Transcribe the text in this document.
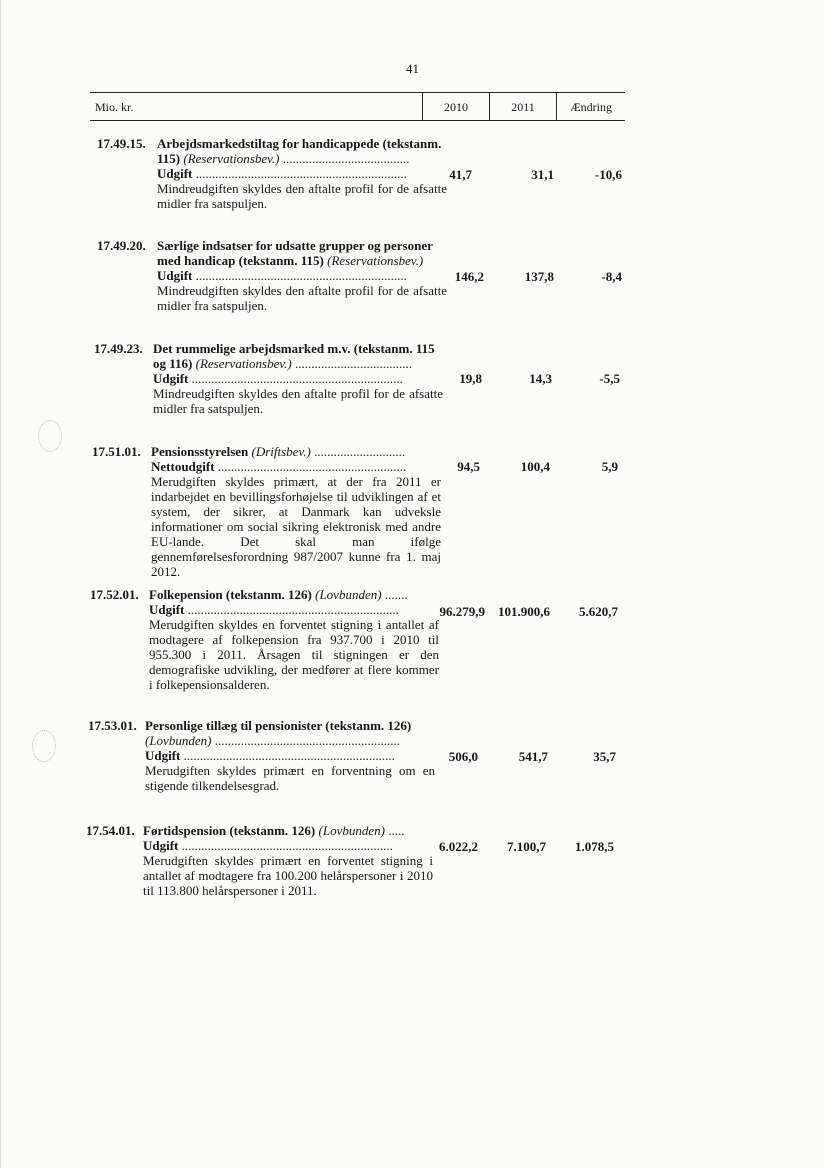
41
Mio. kr.	2010	2011	Ændring
17.49.15. Arbejdsmarkedstiltag for handicappede (tekstanm. 115) (Reservationsbev.) .......................................
Udgift .................................................................
Mindreudgiften skyldes den aftalte profil for de afsatte midler fra satspuljen.
41,7	31,1	-10,6
17.49.20. Særlige indsatser for udsatte grupper og personer med handicap (tekstanm. 115) (Reservationsbev.)
Udgift .................................................................
Mindreudgiften skyldes den aftalte profil for de afsatte midler fra satspuljen.
146,2	137,8	-8,4
17.49.23. Det rummelige arbejdsmarked m.v. (tekstanm. 115 og 116) (Reservationsbev.) ....................................
Udgift .................................................................
Mindreudgiften skyldes den aftalte profil for de afsatte midler fra satspuljen.
19,8	14,3	-5,5
17.51.01. Pensionsstyrelsen (Driftsbev.) ............................
Nettoudgift ..........................................................
Merudgiften skyldes primært, at der fra 2011 er indarbejdet en bevillingsforhøjelse til udviklingen af et system, der sikrer, at Danmark kan udveksle informationer om social sikring elektronisk med andre EU-lande. Det skal man ifølge gennemførelsesforordning 987/2007 kunne fra 1. maj 2012.
94,5	100,4	5,9
17.52.01. Folkepension (tekstanm. 126) (Lovbunden) .......
Udgift .................................................................
Merudgiften skyldes en forventet stigning i antallet af modtagere af folkepension fra 937.700 i 2010 til 955.300 i 2011. Årsagen til stigningen er den demografiske udvikling, der medfører at flere kommer i folkepensionsalderen.
96.279,9	101.900,6	5.620,7
17.53.01. Personlige tillæg til pensionister (tekstanm. 126) (Lovbunden) .........................................................
Udgift .................................................................
Merudgiften skyldes primært en forventning om en stigende tilkendelsesgrad.
506,0	541,7	35,7
17.54.01. Førtidspension (tekstanm. 126) (Lovbunden) .....
Udgift .................................................................
Merudgiften skyldes primært en forventet stigning i antallet af modtagere fra 100.200 helårspersoner i 2010 til 113.800 helårspersoner i 2011.
6.022,2	7.100,7	1.078,5
